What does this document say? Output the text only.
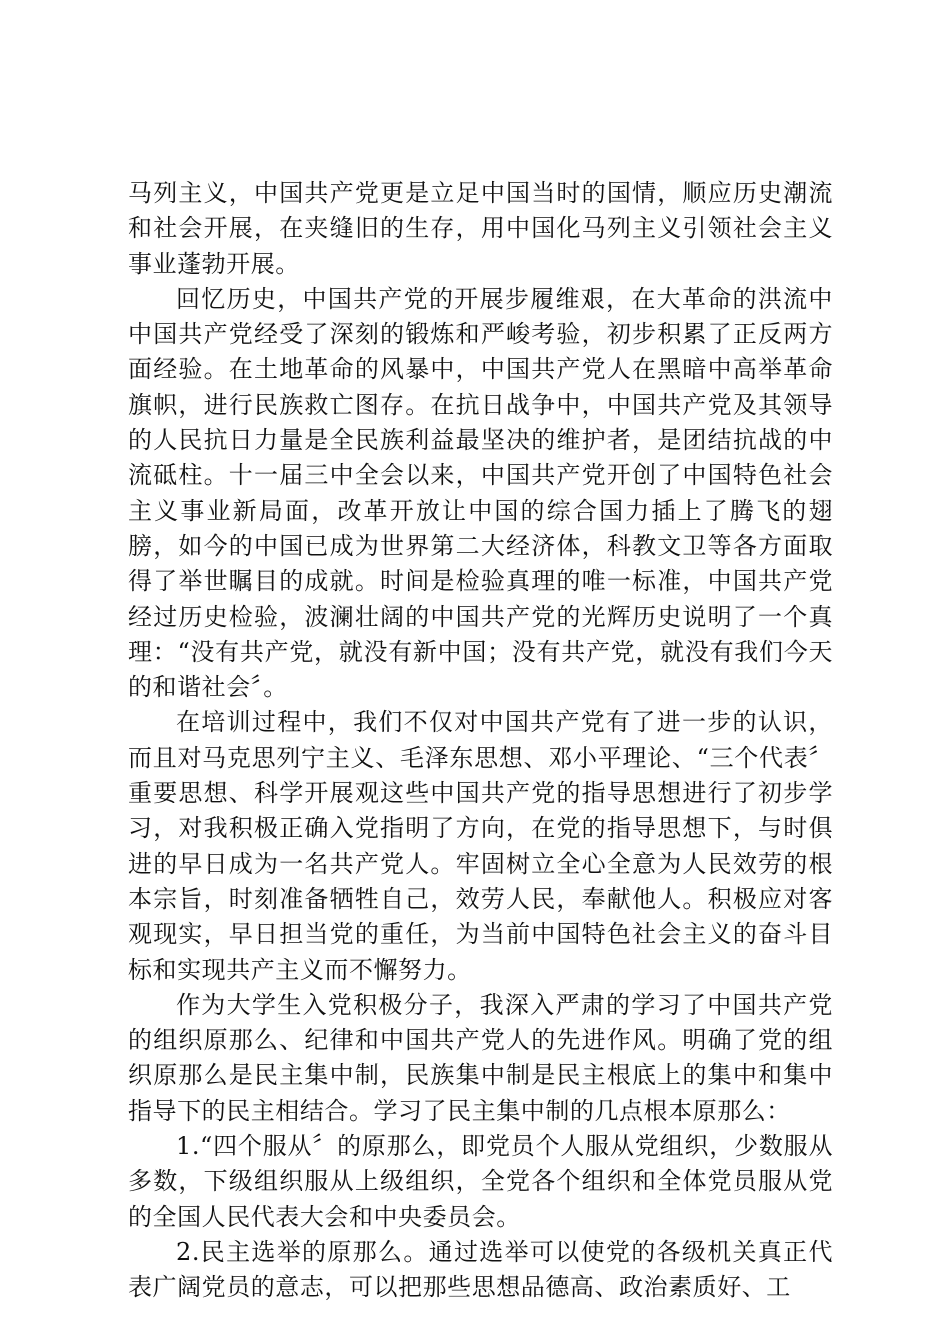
马列主义，中国共产党更是立足中国当时的国情，顺应历史潮流和社会开展，在夹缝旧的生存，用中国化马列主义引领社会主义事业蓬勃开展。

回忆历史，中国共产党的开展步履维艰，在大革命的洪流中中国共产党经受了深刻的锻炼和严峻考验，初步积累了正反两方面经验。在土地革命的风暴中，中国共产党人在黑暗中高举革命旗帜，进行民族救亡图存。在抗日战争中，中国共产党及其领导的人民抗日力量是全民族利益最坚决的维护者，是团结抗战的中流砥柱。十一届三中全会以来，中国共产党开创了中国特色社会主义事业新局面，改革开放让中国的综合国力插上了腾飞的翅膀，如今的中国已成为世界第二大经济体，科教文卫等各方面取得了举世瞩目的成就。时间是检验真理的唯一标准，中国共产党经过历史检验，波澜壮阔的中国共产党的光辉历史说明了一个真理：“没有共产党，就没有新中国；没有共产党，就没有我们今天的和谐社会〞。

在培训过程中，我们不仅对中国共产党有了进一步的认识，而且对马克思列宁主义、毛泽东思想、邓小平理论、“三个代表〞重要思想、科学开展观这些中国共产党的指导思想进行了初步学习，对我积极正确入党指明了方向，在党的指导思想下，与时俱进的早日成为一名共产党人。牢固树立全心全意为人民效劳的根本宗旨，时刻准备牺牲自己，效劳人民，奉献他人。积极应对客观现实，早日担当党的重任，为当前中国特色社会主义的奋斗目标和实现共产主义而不懈努力。

作为大学生入党积极分子，我深入严肃的学习了中国共产党的组织原那么、纪律和中国共产党人的先进作风。明确了党的组织原那么是民主集中制，民族集中制是民主根底上的集中和集中指导下的民主相结合。学习了民主集中制的几点根本原那么：

1.“四个服从〞的原那么，即党员个人服从党组织，少数服从多数，下级组织服从上级组织，全党各个组织和全体党员服从党的全国人民代表大会和中央委员会。

2.民主选举的原那么。通过选举可以使党的各级机关真正代表广阔党员的意志，可以把那些思想品德高、政治素质好、工
